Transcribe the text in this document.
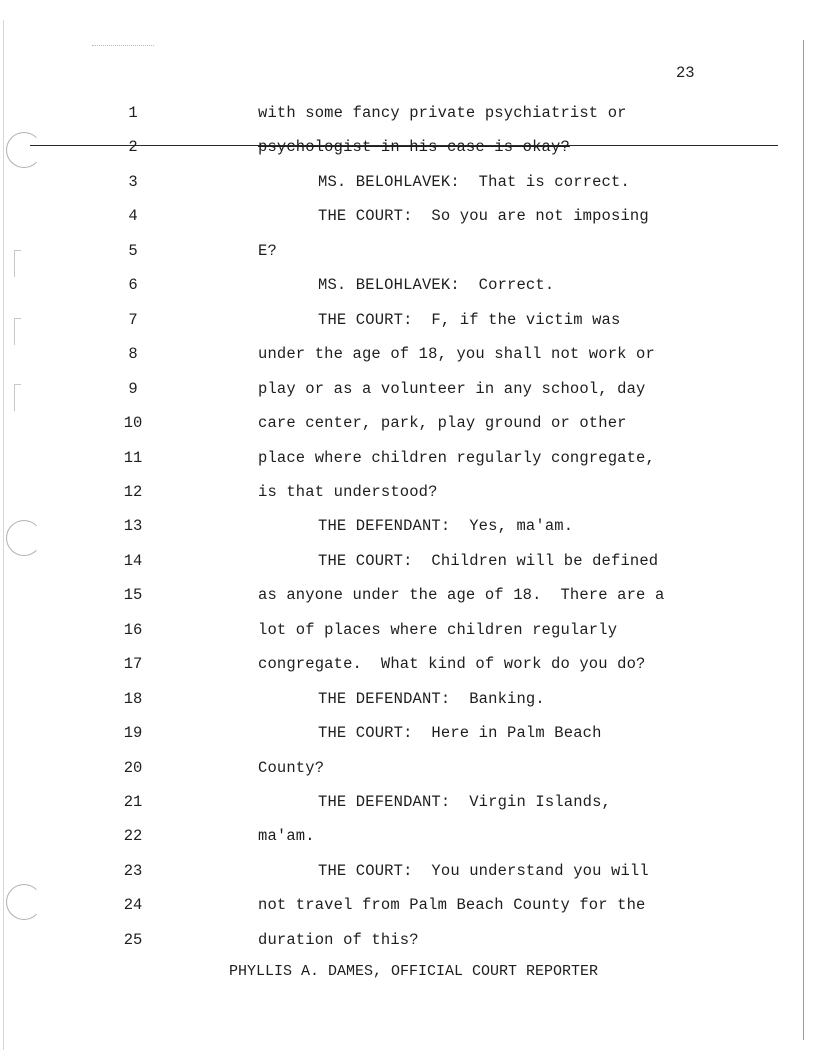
23
1	with some fancy private psychiatrist or
2	psychologist in his case is okay?
3	MS. BELOHLAVEK:  That is correct.
4	THE COURT:  So you are not imposing
5	E?
6	MS. BELOHLAVEK:  Correct.
7	THE COURT:  F, if the victim was
8	under the age of 18, you shall not work or
9	play or as a volunteer in any school, day
10	care center, park, play ground or other
11	place where children regularly congregate,
12	is that understood?
13	THE DEFENDANT:  Yes, ma'am.
14	THE COURT:  Children will be defined
15	as anyone under the age of 18.  There are a
16	lot of places where children regularly
17	congregate.  What kind of work do you do?
18	THE DEFENDANT:  Banking.
19	THE COURT:  Here in Palm Beach
20	County?
21	THE DEFENDANT:  Virgin Islands,
22	ma'am.
23	THE COURT:  You understand you will
24	not travel from Palm Beach County for the
25	duration of this?
PHYLLIS A. DAMES, OFFICIAL COURT REPORTER
